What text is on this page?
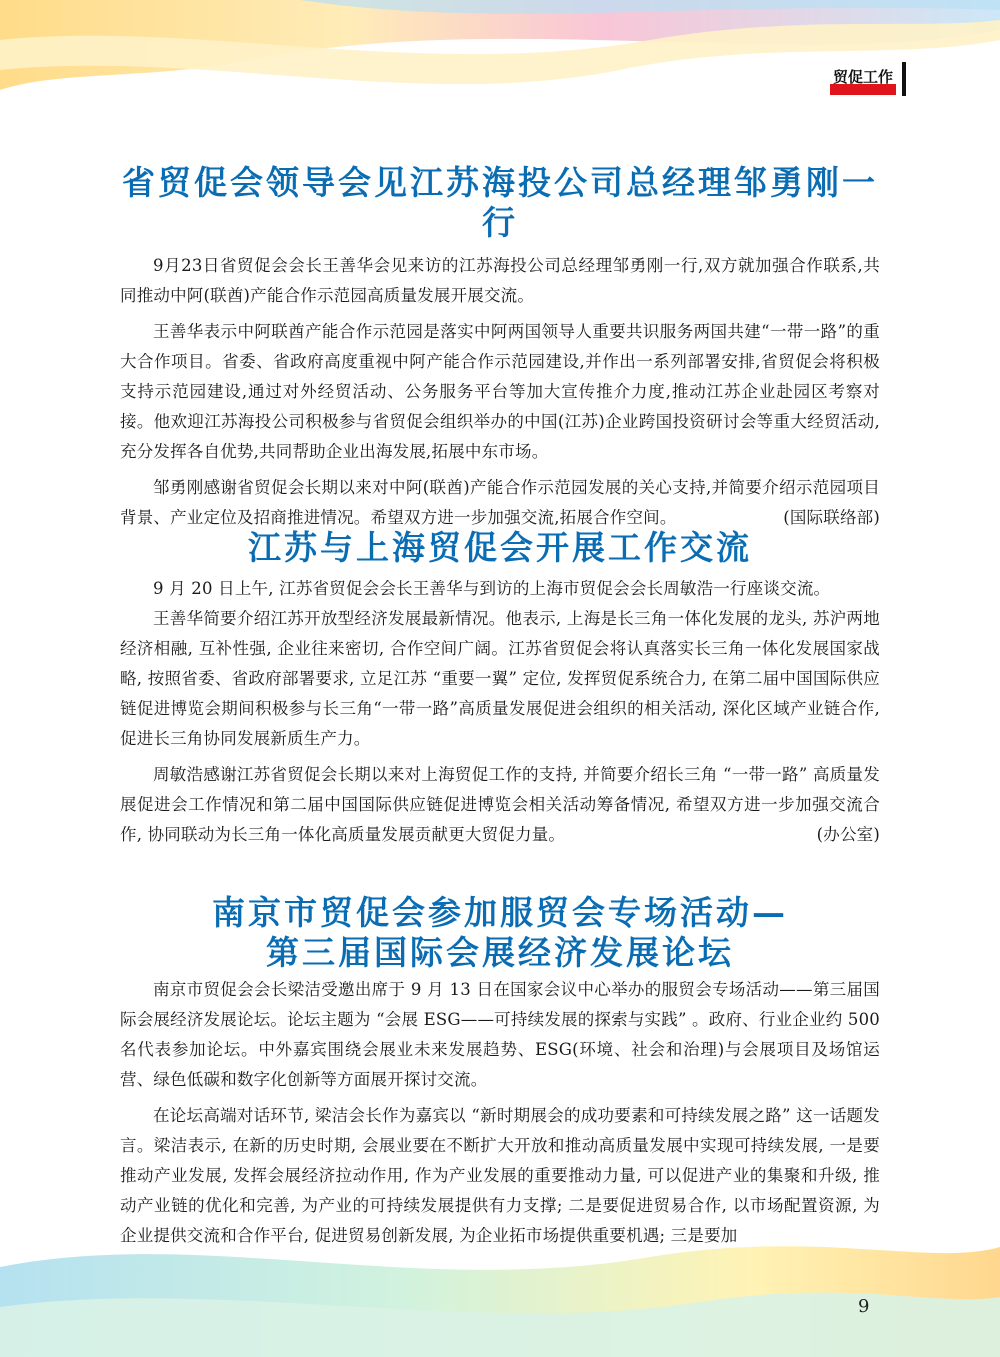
贸促工作
省贸促会领导会见江苏海投公司总经理邹勇刚一行

9月23日省贸促会会长王善华会见来访的江苏海投公司总经理邹勇刚一行,双方就加强合作联系,共同推动中阿(联酋)产能合作示范园高质量发展开展交流。

王善华表示中阿联酋产能合作示范园是落实中阿两国领导人重要共识服务两国共建“一带一路”的重大合作项目。省委、省政府高度重视中阿产能合作示范园建设,并作出一系列部署安排,省贸促会将积极支持示范园建设,通过对外经贸活动、公务服务平台等加大宣传推介力度,推动江苏企业赴园区考察对接。他欢迎江苏海投公司积极参与省贸促会组织举办的中国(江苏)企业跨国投资研讨会等重大经贸活动,充分发挥各自优势,共同帮助企业出海发展,拓展中东市场。

邹勇刚感谢省贸促会长期以来对中阿(联酋)产能合作示范园发展的关心支持,并简要介绍示范园项目背景、产业定位及招商推进情况。希望双方进一步加强交流,拓展合作空间。	(国际联络部)

江苏与上海贸促会开展工作交流

9 月 20 日上午, 江苏省贸促会会长王善华与到访的上海市贸促会会长周敏浩一行座谈交流。

王善华简要介绍江苏开放型经济发展最新情况。他表示, 上海是长三角一体化发展的龙头, 苏沪两地经济相融, 互补性强, 企业往来密切, 合作空间广阔。江苏省贸促会将认真落实长三角一体化发展国家战略, 按照省委、省政府部署要求, 立足江苏 “重要一翼” 定位, 发挥贸促系统合力, 在第二届中国国际供应链促进博览会期间积极参与长三角“一带一路”高质量发展促进会组织的相关活动, 深化区域产业链合作, 促进长三角协同发展新质生产力。

周敏浩感谢江苏省贸促会长期以来对上海贸促工作的支持, 并简要介绍长三角 “一带一路” 高质量发展促进会工作情况和第二届中国国际供应链促进博览会相关活动筹备情况, 希望双方进一步加强交流合作, 协同联动为长三角一体化高质量发展贡献更大贸促力量。	(办公室)

南京市贸促会参加服贸会专场活动—
第三届国际会展经济发展论坛

南京市贸促会会长梁洁受邀出席于 9 月 13 日在国家会议中心举办的服贸会专场活动——第三届国际会展经济发展论坛。论坛主题为 “会展 ESG——可持续发展的探索与实践” 。政府、行业企业约 500 名代表参加论坛。中外嘉宾围绕会展业未来发展趋势、ESG(环境、社会和治理)与会展项目及场馆运营、绿色低碳和数字化创新等方面展开探讨交流。

在论坛高端对话环节, 梁洁会长作为嘉宾以 “新时期展会的成功要素和可持续发展之路” 这一话题发言。梁洁表示, 在新的历史时期, 会展业要在不断扩大开放和推动高质量发展中实现可持续发展, 一是要推动产业发展, 发挥会展经济拉动作用, 作为产业发展的重要推动力量, 可以促进产业的集聚和升级, 推动产业链的优化和完善, 为产业的可持续发展提供有力支撑; 二是要促进贸易合作, 以市场配置资源, 为企业提供交流和合作平台, 促进贸易创新发展, 为企业拓市场提供重要机遇; 三是要加

9
